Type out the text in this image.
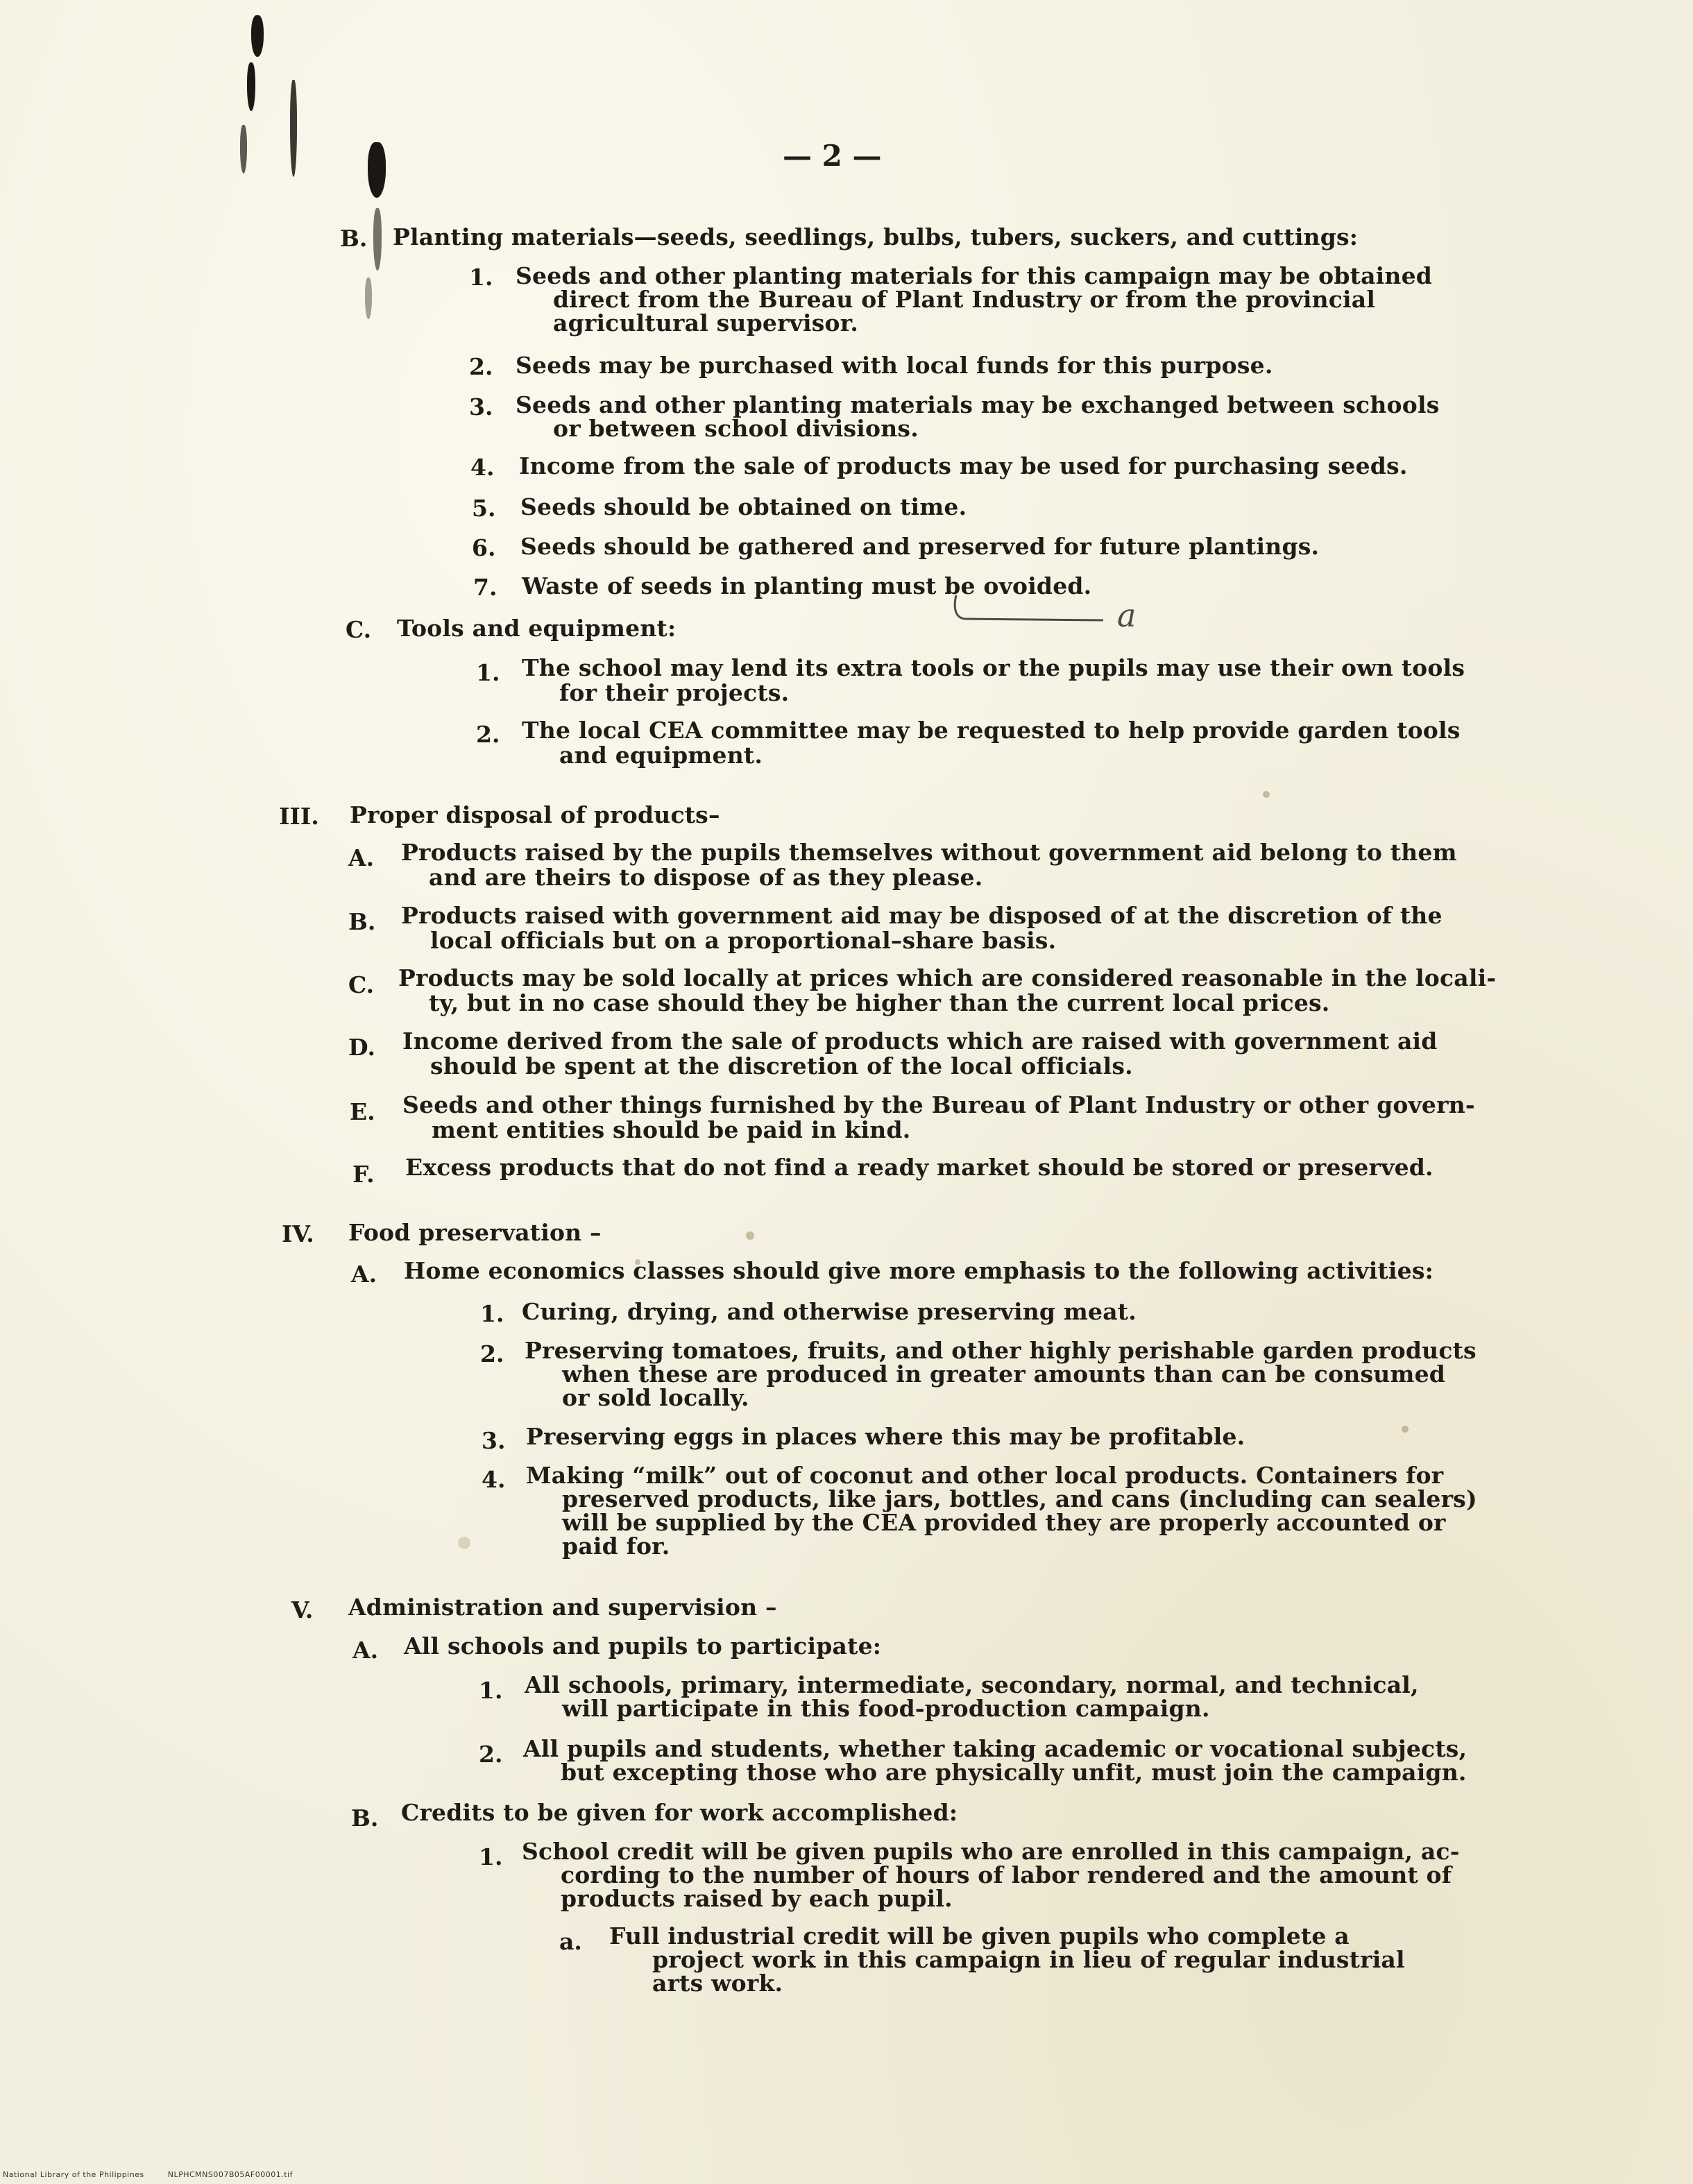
— 2 —
B. Planting materials—seeds, seedlings, bulbs, tubers, suckers, and cuttings:
1. Seeds and other planting materials for this campaign may be obtained
direct from the Bureau of Plant Industry or from the provincial
agricultural supervisor.
2. Seeds may be purchased with local funds for this purpose.
3. Seeds and other planting materials may be exchanged between schools
or between school divisions.
4. Income from the sale of products may be used for purchasing seeds.
5. Seeds should be obtained on time.
6. Seeds should be gathered and preserved for future plantings.
7. Waste of seeds in planting must be ovoided.
a
C. Tools and equipment:
1. The school may lend its extra tools or the pupils may use their own tools
for their projects.
2. The local CEA committee may be requested to help provide garden tools
and equipment.
III. Proper disposal of products–
A. Products raised by the pupils themselves without government aid belong to them
and are theirs to dispose of as they please.
B. Products raised with government aid may be disposed of at the discretion of the
local officials but on a proportional–share basis.
C. Products may be sold locally at prices which are considered reasonable in the locali-
ty, but in no case should they be higher than the current local prices.
D. Income derived from the sale of products which are raised with government aid
should be spent at the discretion of the local officials.
E. Seeds and other things furnished by the Bureau of Plant Industry or other govern-
ment entities should be paid in kind.
F. Excess products that do not find a ready market should be stored or preserved.
IV. Food preservation –
A. Home economics classes should give more emphasis to the following activities:
1. Curing, drying, and otherwise preserving meat.
2. Preserving tomatoes, fruits, and other highly perishable garden products
when these are produced in greater amounts than can be consumed
or sold locally.
3. Preserving eggs in places where this may be profitable.
4. Making “milk” out of coconut and other local products. Containers for
preserved products, like jars, bottles, and cans (including can sealers)
will be supplied by the CEA provided they are properly accounted or
paid for.
V. Administration and supervision –
A. All schools and pupils to participate:
1. All schools, primary, intermediate, secondary, normal, and technical,
will participate in this food-production campaign.
2. All pupils and students, whether taking academic or vocational subjects,
but excepting those who are physically unfit, must join the campaign.
B. Credits to be given for work accomplished:
1. School credit will be given pupils who are enrolled in this campaign, ac-
cording to the number of hours of labor rendered and the amount of
products raised by each pupil.
a. Full industrial credit will be given pupils who complete a
project work in this campaign in lieu of regular industrial
arts work.
National Library of the Philippines	NLPHCMNS007B05AF00001.tif
